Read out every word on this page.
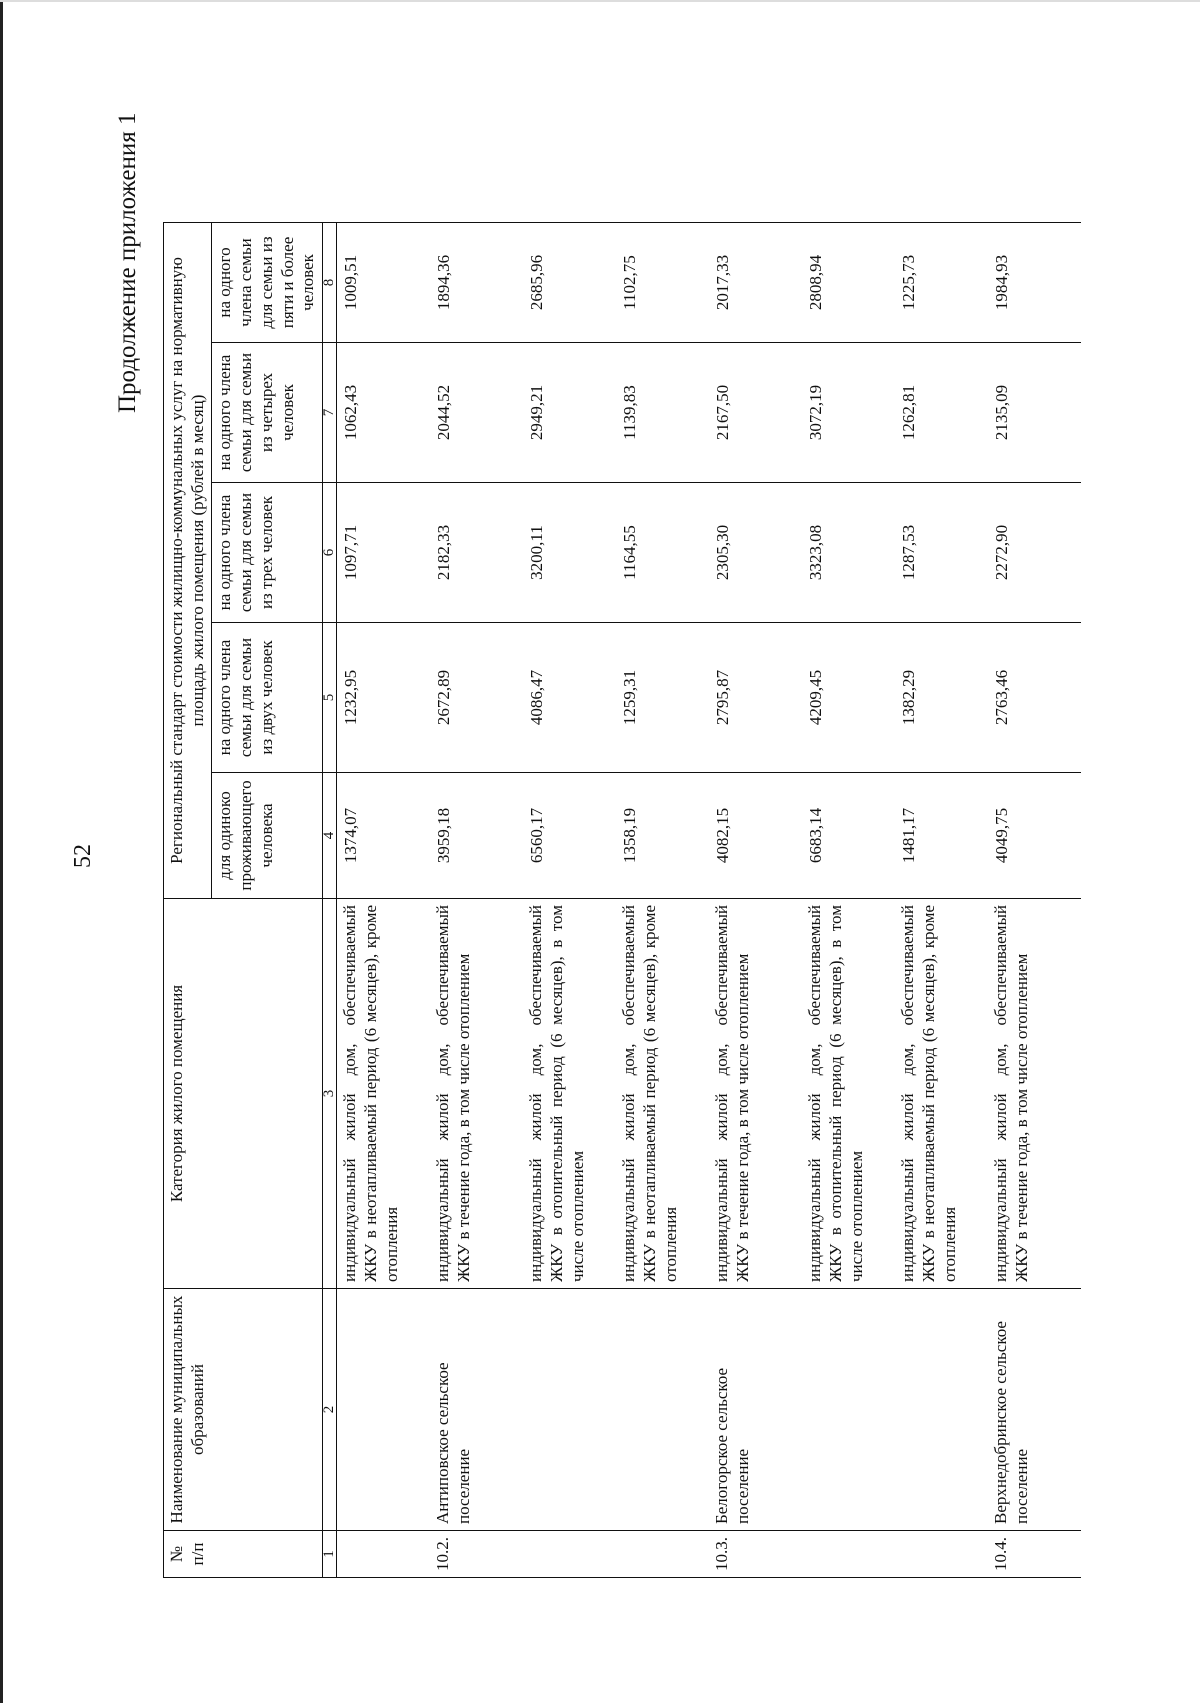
52
Продолжение приложения 1
№ п/п	Наименование муниципальных образований	Категория жилого помещения	Региональный стандарт стоимости жилищно-коммунальных услуг на нормативную площадь жилого помещения (рублей в месяц)				
			для одиноко проживающего человека	на одного члена семьи для семьи из двух человек	на одного члена семьи для семьи из трех человек	на одного члена семьи для семьи из четырех человек	на одного члена семьи для семьи из пяти и более человек
1	2	3	4	5	6	7	8
		индивидуальный жилой дом, обеспечиваемый ЖКУ в неотапливаемый период (6 месяцев), кроме отопления	1374,07	1232,95	1097,71	1062,43	1009,51
10.2.	Антиповское сельское поселение	индивидуальный жилой дом, обеспечиваемый ЖКУ в течение года, в том числе отоплением	3959,18	2672,89	2182,33	2044,52	1894,36
		индивидуальный жилой дом, обеспечиваемый ЖКУ в отопительный период (6 месяцев), в том числе отоплением	6560,17	4086,47	3200,11	2949,21	2685,96
		индивидуальный жилой дом, обеспечиваемый ЖКУ в неотапливаемый период (6 месяцев), кроме отопления	1358,19	1259,31	1164,55	1139,83	1102,75
10.3.	Белогорское сельское поселение	индивидуальный жилой дом, обеспечиваемый ЖКУ в течение года, в том числе отоплением	4082,15	2795,87	2305,30	2167,50	2017,33
		индивидуальный жилой дом, обеспечиваемый ЖКУ в отопительный период (6 месяцев), в том числе отоплением	6683,14	4209,45	3323,08	3072,19	2808,94
		индивидуальный жилой дом, обеспечиваемый ЖКУ в неотапливаемый период (6 месяцев), кроме отопления	1481,17	1382,29	1287,53	1262,81	1225,73
10.4.	Верхнедобринское сельское поселение	индивидуальный жилой дом, обеспечиваемый ЖКУ в течение года, в том числе отоплением	4049,75	2763,46	2272,90	2135,09	1984,93
